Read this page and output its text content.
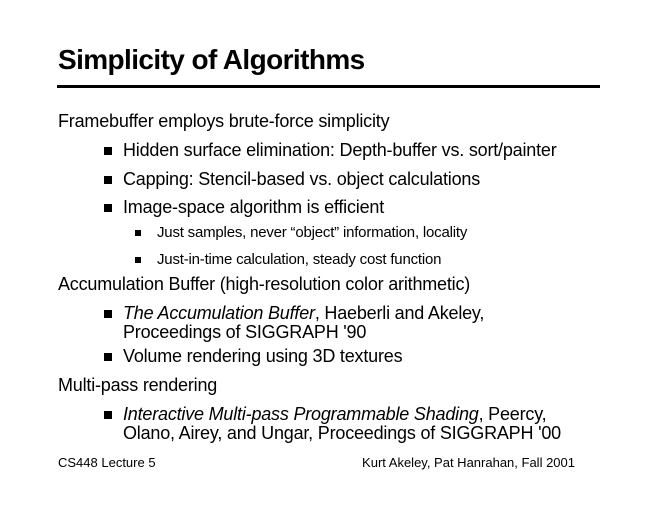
Simplicity of Algorithms
Framebuffer employs brute-force simplicity
Hidden surface elimination: Depth-buffer vs. sort/painter
Capping: Stencil-based vs. object calculations
Image-space algorithm is efficient
Just samples, never “object” information, locality
Just-in-time calculation, steady cost function
Accumulation Buffer (high-resolution color arithmetic)
The Accumulation Buffer, Haeberli and Akeley,
Proceedings of SIGGRAPH '90
Volume rendering using 3D textures
Multi-pass rendering
Interactive Multi-pass Programmable Shading, Peercy,
Olano, Airey, and Ungar, Proceedings of SIGGRAPH '00
CS448 Lecture 5	Kurt Akeley, Pat Hanrahan, Fall 2001
